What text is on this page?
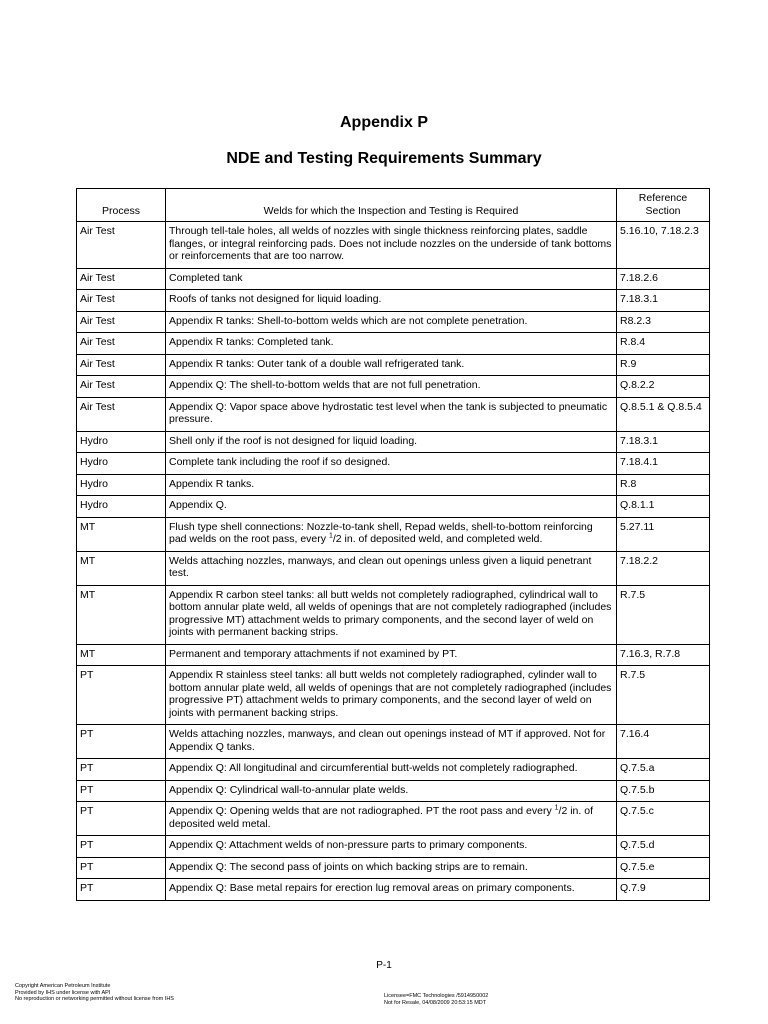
Appendix P
NDE and Testing Requirements Summary
Process	Welds for which the Inspection and Testing is Required	Reference Section
Air Test	Through tell-tale holes, all welds of nozzles with single thickness reinforcing plates, saddle flanges, or integral reinforcing pads. Does not include nozzles on the underside of tank bottoms or reinforcements that are too narrow.	5.16.10, 7.18.2.3
Air Test	Completed tank	7.18.2.6
Air Test	Roofs of tanks not designed for liquid loading.	7.18.3.1
Air Test	Appendix R tanks: Shell-to-bottom welds which are not complete penetration.	R8.2.3
Air Test	Appendix R tanks: Completed tank.	R.8.4
Air Test	Appendix R tanks: Outer tank of a double wall refrigerated tank.	R.9
Air Test	Appendix Q: The shell-to-bottom welds that are not full penetration.	Q.8.2.2
Air Test	Appendix Q: Vapor space above hydrostatic test level when the tank is subjected to pneumatic pressure.	Q.8.5.1 & Q.8.5.4
Hydro	Shell only if the roof is not designed for liquid loading.	7.18.3.1
Hydro	Complete tank including the roof if so designed.	7.18.4.1
Hydro	Appendix R tanks.	R.8
Hydro	Appendix Q.	Q.8.1.1
MT	Flush type shell connections: Nozzle-to-tank shell, Repad welds, shell-to-bottom reinforcing pad welds on the root pass, every $^1$/2 in. of deposited weld, and completed weld.	5.27.11
MT	Welds attaching nozzles, manways, and clean out openings unless given a liquid penetrant test.	7.18.2.2
MT	Appendix R carbon steel tanks: all butt welds not completely radiographed, cylindrical wall to bottom annular plate weld, all welds of openings that are not completely radiographed (includes progressive MT) attachment welds to primary components, and the second layer of weld on joints with permanent backing strips.	R.7.5
MT	Permanent and temporary attachments if not examined by PT.	7.16.3, R.7.8
PT	Appendix R stainless steel tanks: all butt welds not completely radiographed, cylinder wall to bottom annular plate weld, all welds of openings that are not completely radiographed (includes progressive PT) attachment welds to primary components, and the second layer of weld on joints with permanent backing strips.	R.7.5
PT	Welds attaching nozzles, manways, and clean out openings instead of MT if approved. Not for Appendix Q tanks.	7.16.4
PT	Appendix Q: All longitudinal and circumferential butt-welds not completely radiographed.	Q.7.5.a
PT	Appendix Q: Cylindrical wall-to-annular plate welds.	Q.7.5.b
PT	Appendix Q: Opening welds that are not radiographed. PT the root pass and every $^1$/2 in. of deposited weld metal.	Q.7.5.c
PT	Appendix Q: Attachment welds of non-pressure parts to primary components.	Q.7.5.d
PT	Appendix Q: The second pass of joints on which backing strips are to remain.	Q.7.5.e
PT	Appendix Q: Base metal repairs for erection lug removal areas on primary components.	Q.7.9
P-1
Copyright American Petroleum Institute
Provided by IHS under license with API
No reproduction or networking permitted without license from IHS	Licensee=FMC Technologies /5914950002
Not for Resale, 04/08/2009 20:53:15 MDT
